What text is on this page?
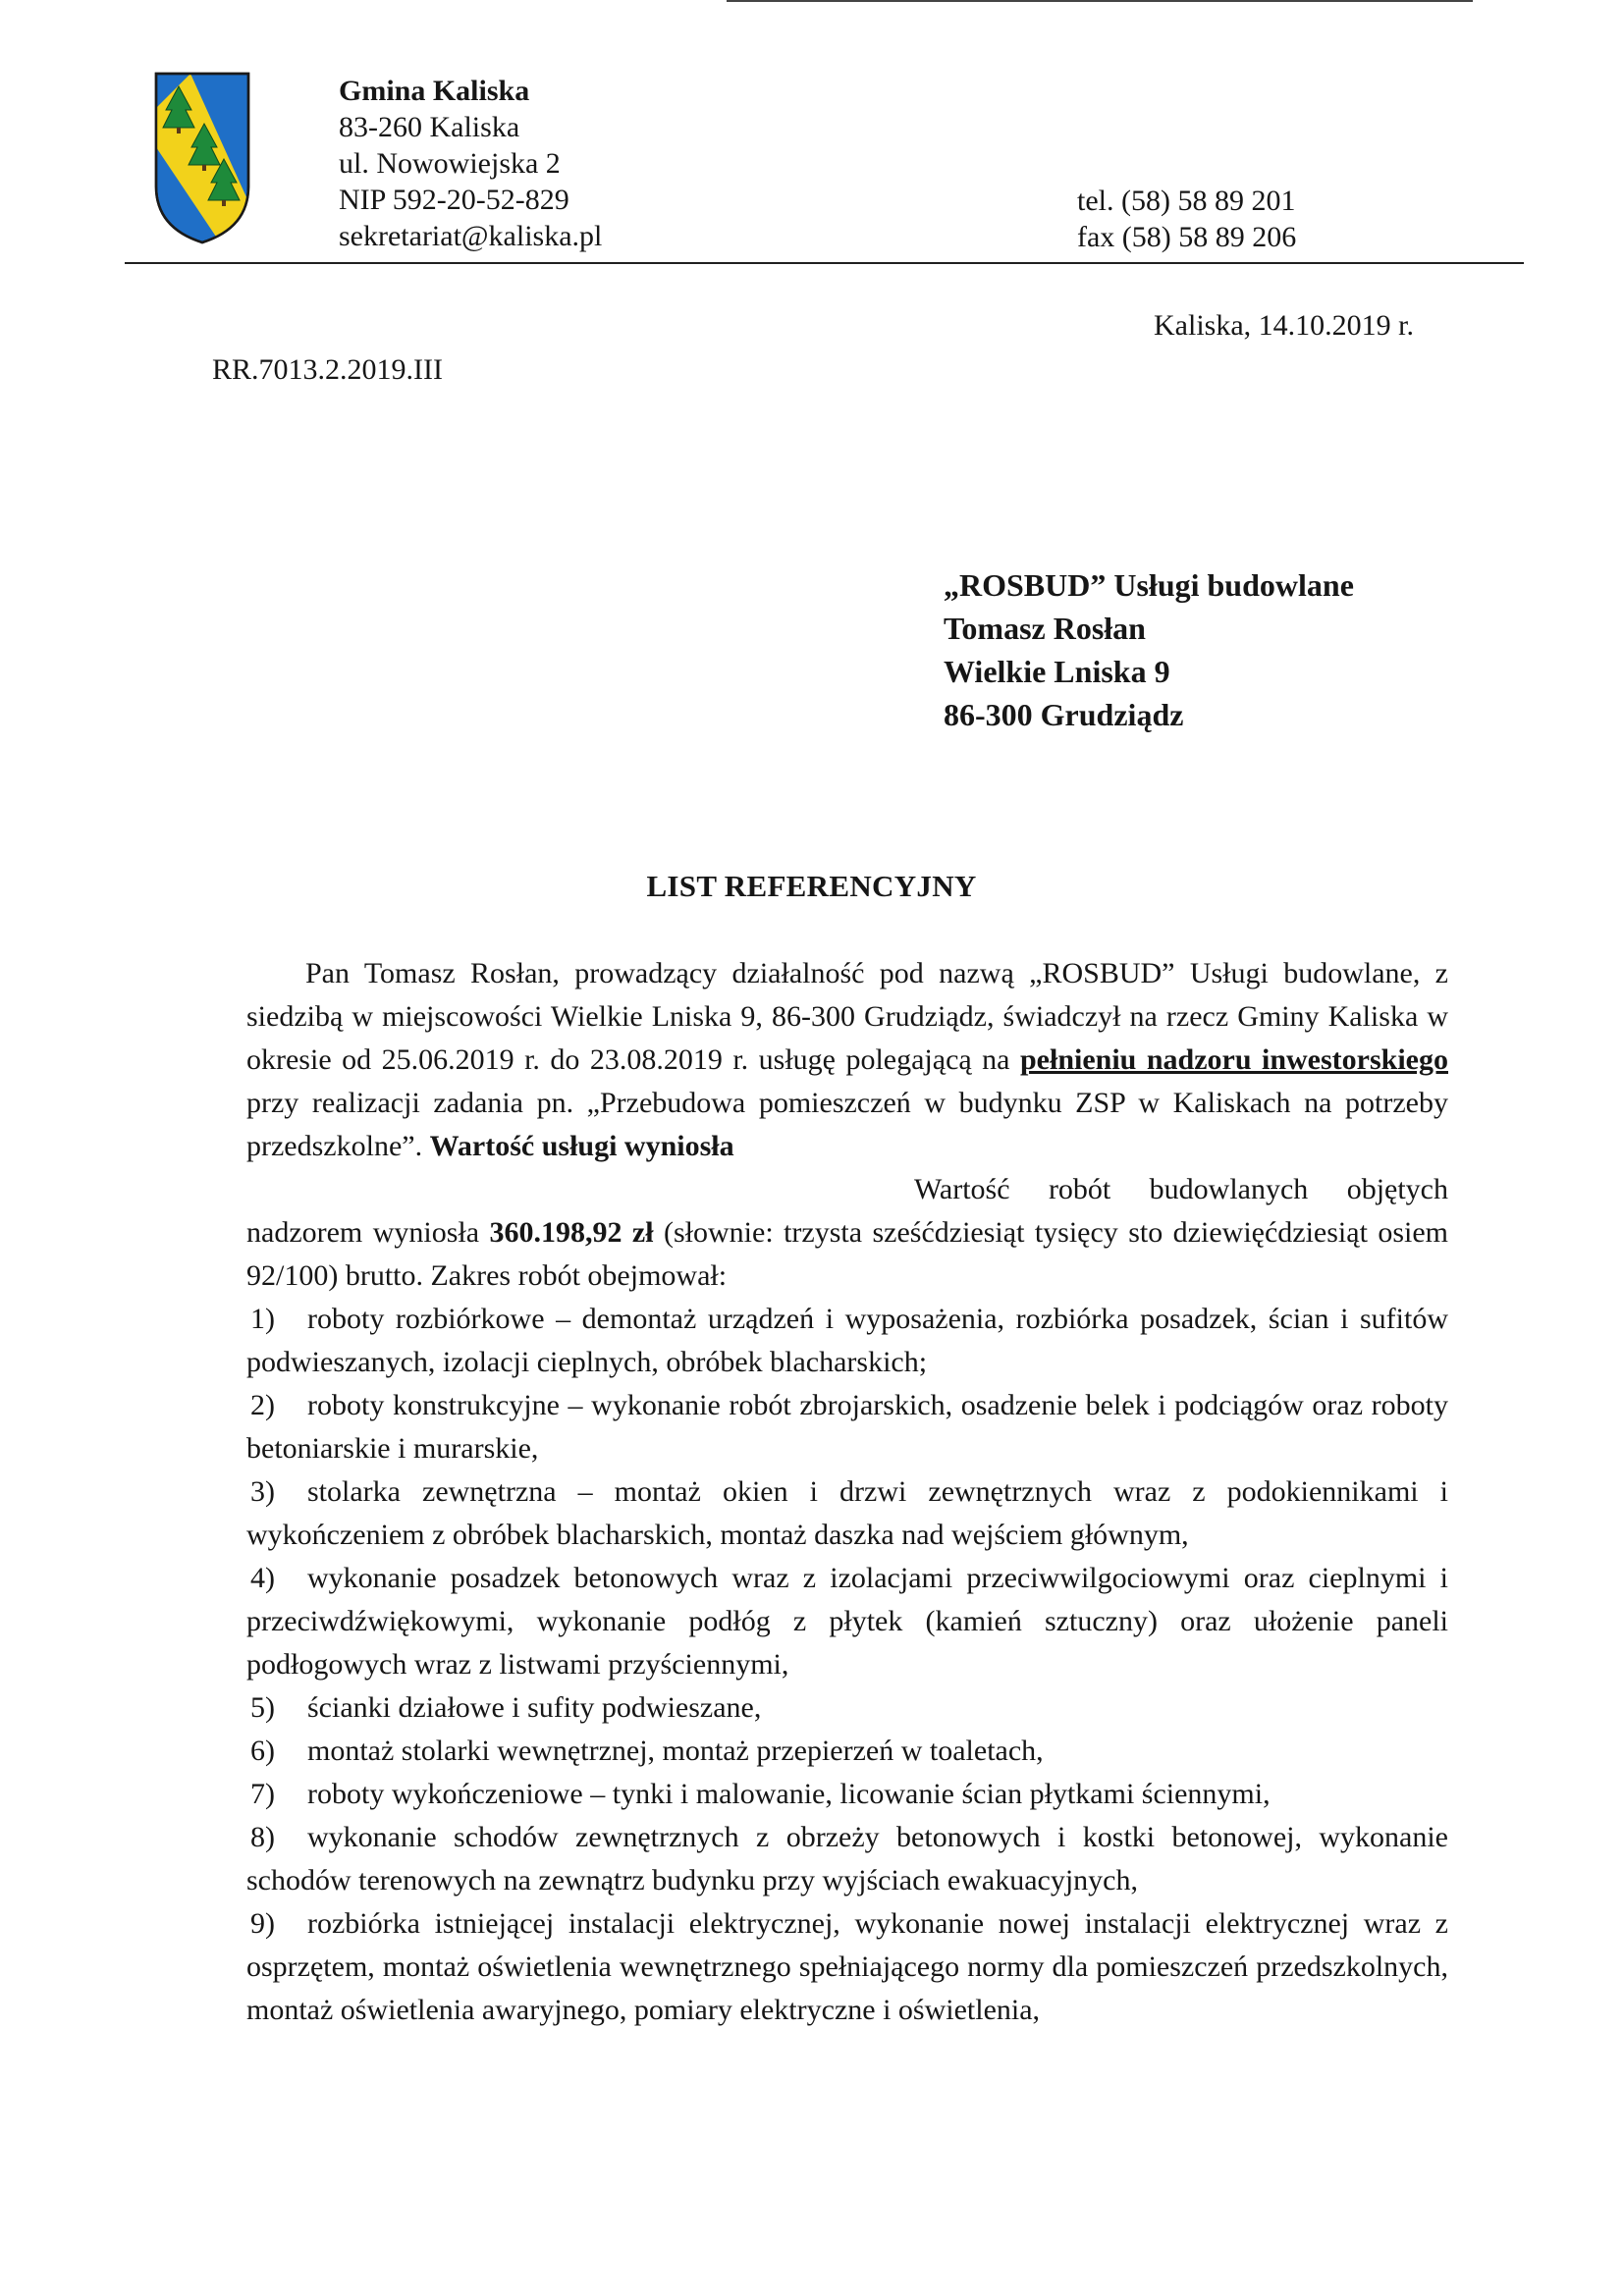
Gmina Kaliska
83-260 Kaliska
ul. Nowowiejska 2
NIP 592-20-52-829
sekretariat@kaliska.pl
tel. (58) 58 89 201
fax (58) 58 89 206
Kaliska, 14.10.2019 r.
RR.7013.2.2019.III
„ROSBUD” Usługi budowlane
Tomasz Rosłan
Wielkie Lniska 9
86-300 Grudziądz
LIST REFERENCYJNY

Pan Tomasz Rosłan, prowadzący działalność pod nazwą „ROSBUD” Usługi budowlane, z siedzibą w miejscowości Wielkie Lniska 9, 86-300 Grudziądz, świadczył na rzecz Gminy Kaliska w okresie od 25.06.2019 r. do 23.08.2019 r. usługę polegającą na pełnieniu nadzoru inwestorskiego przy realizacji zadania pn. „Przebudowa pomieszczeń w budynku ZSP w Kaliskach na potrzeby przedszkolne”. Wartość usługi wyniosła

Wartość robót budowlanych objętych
nadzorem wyniosła 360.198,92 zł (słownie: trzysta sześćdziesiąt tysięcy sto dziewięćdziesiąt osiem 92/100) brutto. Zakres robót obejmował:

1) roboty rozbiórkowe – demontaż urządzeń i wyposażenia, rozbiórka posadzek, ścian i sufitów podwieszanych, izolacji cieplnych, obróbek blacharskich;
2) roboty konstrukcyjne – wykonanie robót zbrojarskich, osadzenie belek i podciągów oraz roboty betoniarskie i murarskie,
3) stolarka zewnętrzna – montaż okien i drzwi zewnętrznych wraz z podokiennikami i wykończeniem z obróbek blacharskich, montaż daszka nad wejściem głównym,
4) wykonanie posadzek betonowych wraz z izolacjami przeciwwilgociowymi oraz cieplnymi i przeciwdźwiękowymi, wykonanie podłóg z płytek (kamień sztuczny) oraz ułożenie paneli podłogowych wraz z listwami przyściennymi,
5) ścianki działowe i sufity podwieszane,
6) montaż stolarki wewnętrznej, montaż przepierzeń w toaletach,
7) roboty wykończeniowe – tynki i malowanie, licowanie ścian płytkami ściennymi,
8) wykonanie schodów zewnętrznych z obrzeży betonowych i kostki betonowej, wykonanie schodów terenowych na zewnątrz budynku przy wyjściach ewakuacyjnych,
9) rozbiórka istniejącej instalacji elektrycznej, wykonanie nowej instalacji elektrycznej wraz z osprzętem, montaż oświetlenia wewnętrznego spełniającego normy dla pomieszczeń przedszkolnych, montaż oświetlenia awaryjnego, pomiary elektryczne i oświetlenia,
